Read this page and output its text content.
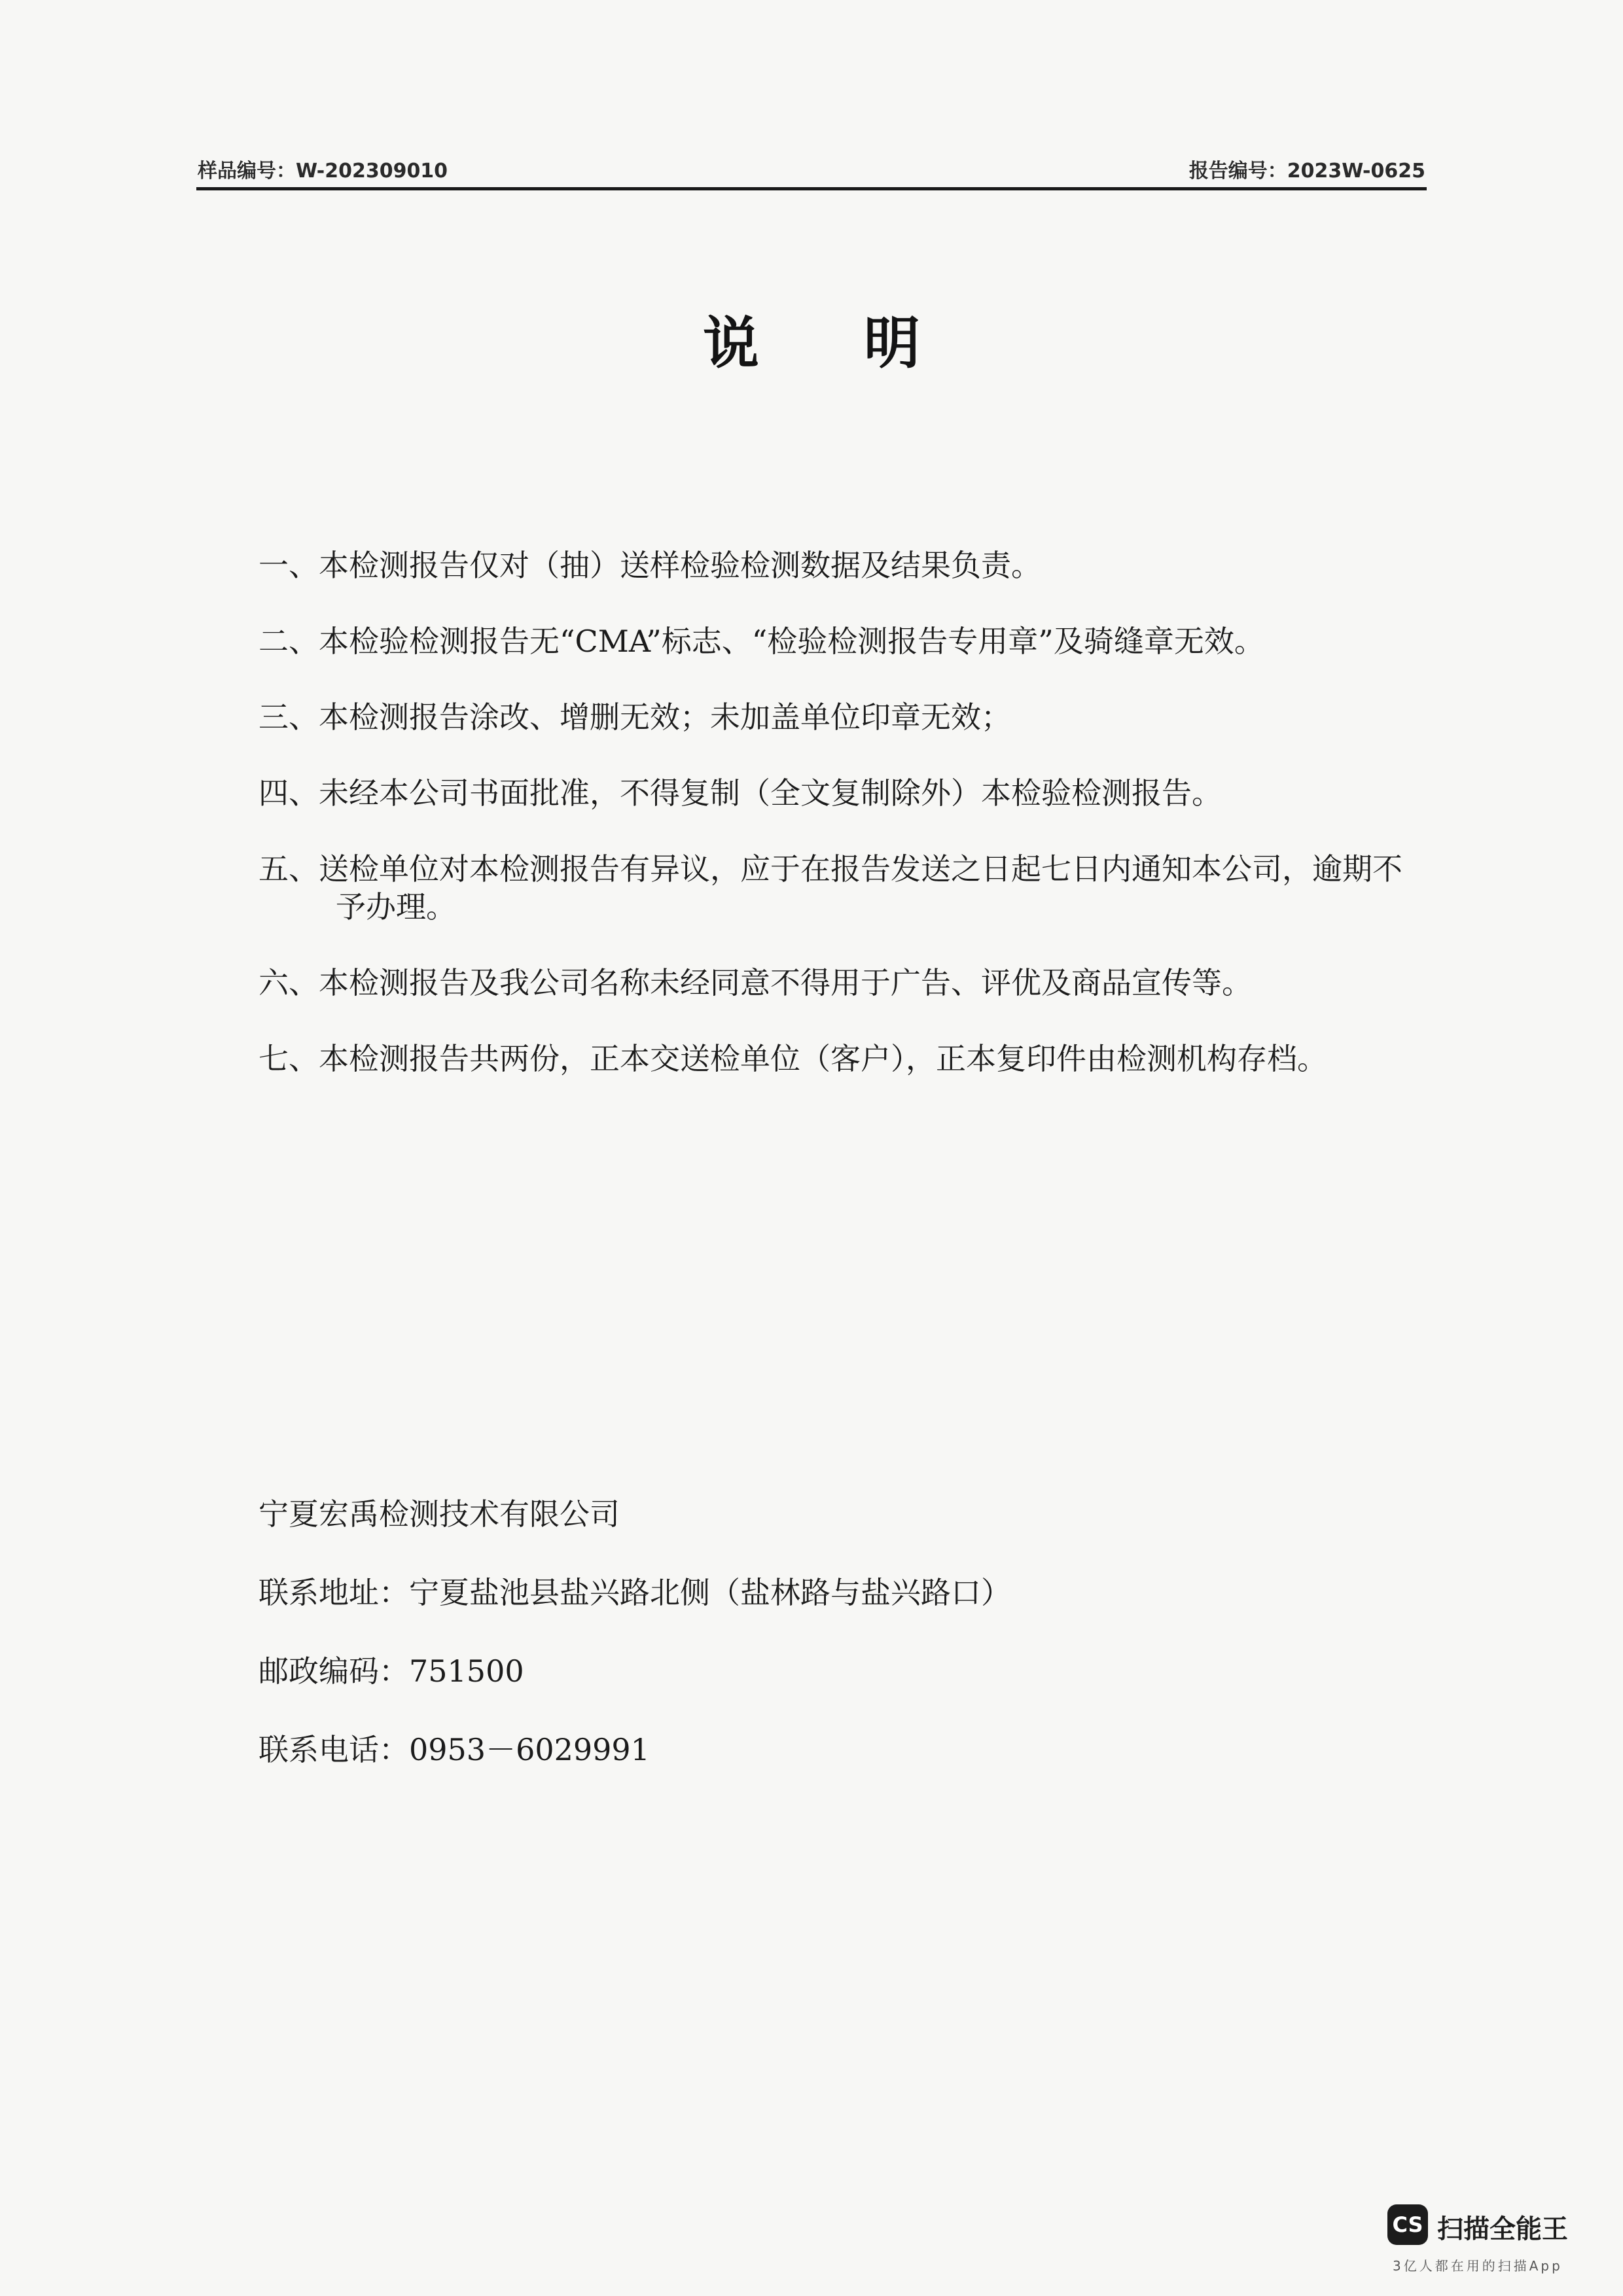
样品编号：W-202309010	报告编号：2023W-0625
说明
一、本检测报告仅对（抽）送样检验检测数据及结果负责。
二、本检验检测报告无“CMA”标志、“检验检测报告专用章”及骑缝章无效。
三、本检测报告涂改、增删无效；未加盖单位印章无效；
四、未经本公司书面批准，不得复制（全文复制除外）本检验检测报告。
五、送检单位对本检测报告有异议，应于在报告发送之日起七日内通知本公司，逾期不予办理。
六、本检测报告及我公司名称未经同意不得用于广告、评优及商品宣传等。
七、本检测报告共两份，正本交送检单位（客户），正本复印件由检测机构存档。
宁夏宏禹检测技术有限公司
联系地址：宁夏盐池县盐兴路北侧（盐林路与盐兴路口）
邮政编码：751500
联系电话：0953－6029991
CS 扫描全能王
3亿人都在用的扫描App
